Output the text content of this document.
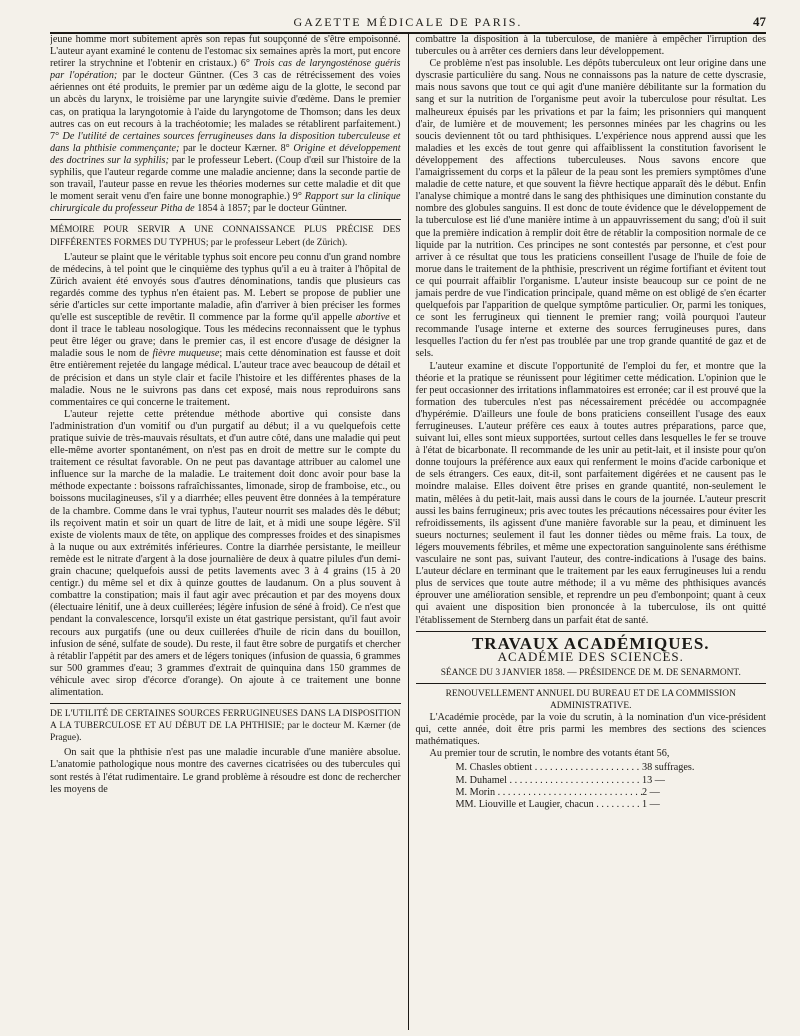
GAZETTE MÉDICALE DE PARIS.	47

jeune homme mort subitement après son repas fut soupçonné de s'être empoisonné. L'auteur ayant examiné le contenu de l'estomac six semaines après la mort, put encore retirer la strychnine et l'obtenir en cristaux.) 6° Trois cas de laryngosténose guéris par l'opération; par le docteur Güntner. (Ces 3 cas de rétrécissement des voies aériennes ont été produits, le premier par un œdème aigu de la glotte, le second par un abcès du larynx, le troisième par une laryngite suivie d'œdème. Dans le premier cas, on pratiqua la laryngotomie à l'aide du laryngotome de Thomson; dans les deux autres cas on eut recours à la trachéotomie; les malades se rétablirent parfaitement.) 7° De l'utilité de certaines sources ferrugineuses dans la disposition tuberculeuse et dans la phthisie commençante; par le docteur Kærner. 8° Origine et développement des doctrines sur la syphilis; par le professeur Lebert. (Coup d'œil sur l'histoire de la syphilis, que l'auteur regarde comme une maladie ancienne; dans la seconde partie de son travail, l'auteur passe en revue les théories modernes sur cette maladie et dit que le moment serait venu d'en faire une bonne monographie.) 9° Rapport sur la clinique chirurgicale du professeur Pitha de 1854 à 1857; par le docteur Güntner.

MÉMOIRE POUR SERVIR A UNE CONNAISSANCE PLUS PRÉCISE DES DIFFÉRENTES FORMES DU TYPHUS; par le professeur Lebert (de Zürich).

L'auteur se plaint que le véritable typhus soit encore peu connu d'un grand nombre de médecins, à tel point que le cinquième des typhus qu'il a eu à traiter à l'hôpital de Zürich avaient été envoyés sous d'autres dénominations, tandis que plusieurs cas regardés comme des typhus n'en étaient pas. M. Lebert se propose de publier une série d'articles sur cette importante maladie, afin d'arriver à bien préciser les formes qu'elle est susceptible de revêtir. Il commence par la forme qu'il appelle abortive et dont il trace le tableau nosologique. Tous les médecins reconnaissent que le typhus peut être léger ou grave; dans le premier cas, il est encore d'usage de désigner la maladie sous le nom de fièvre muqueuse; mais cette dénomination est fausse et doit être entièrement rejetée du langage médical. L'auteur trace avec beaucoup de détail et de précision et dans un style clair et facile l'histoire et les différentes phases de la maladie. Nous ne le suivrons pas dans cet exposé, mais nous reproduirons sans commentaires ce qui concerne le traitement.

L'auteur rejette cette prétendue méthode abortive qui consiste dans l'administration d'un vomitif ou d'un purgatif au début; il a vu quelquefois cette pratique suivie de très-mauvais résultats, et d'un autre côté, dans une maladie qui peut elle-même avorter spontanément, on n'est pas en droit de mettre sur le compte du traitement ce résultat favorable. On ne peut pas davantage attribuer au calomel une influence sur la marche de la maladie. Le traitement doit donc avoir pour base la méthode expectante : boissons rafraîchissantes, limonade, sirop de framboise, etc., ou boissons mucilagineuses, s'il y a diarrhée; elles peuvent être données à la température de la chambre. Comme dans le vrai typhus, l'auteur nourrit ses malades dès le début; ils reçoivent matin et soir un quart de litre de lait, et à midi une soupe légère. S'il existe de violents maux de tête, on applique des compresses froides et des sinapismes à la nuque ou aux extrémités inférieures. Contre la diarrhée persistante, le meilleur remède est le nitrate d'argent à la dose journalière de deux à quatre pilules d'un demi-grain chacune; quelquefois aussi de petits lavements avec 3 à 4 grains (15 à 20 centigr.) du même sel et dix à quinze gouttes de laudanum. On a plus souvent à combattre la constipation; mais il faut agir avec précaution et par des moyens doux (électuaire lénitif, une à deux cuillerées; légère infusion de séné à froid). Ce n'est que pendant la convalescence, lorsqu'il existe un état gastrique persistant, qu'il faut avoir recours aux purgatifs (une ou deux cuillerées d'huile de ricin dans du bouillon, infusion de séné, sulfate de soude). Du reste, il faut être sobre de purgatifs et chercher à rétablir l'appétit par des amers et de légers toniques (infusion de quassia, 6 grammes sur 500 grammes d'eau; 3 grammes d'extrait de quinquina dans 150 grammes de véhicule avec sirop d'écorce d'orange). On ajoute à ce traitement une bonne alimentation.

DE L'UTILITÉ DE CERTAINES SOURCES FERRUGINEUSES DANS LA DISPOSITION A LA TUBERCULOSE ET AU DÉBUT DE LA PHTHISIE; par le docteur M. Kærner (de Prague).

On sait que la phthisie n'est pas une maladie incurable d'une manière absolue. L'anatomie pathologique nous montre des cavernes cicatrisées ou des tubercules qui sont restés à l'état rudimentaire. Le grand problème à résoudre est donc de rechercher les moyens de

combattre la disposition à la tuberculose, de manière à empêcher l'irruption des tubercules ou à arrêter ces derniers dans leur développement.

Ce problème n'est pas insoluble. Les dépôts tuberculeux ont leur origine dans une dyscrasie particulière du sang. Nous ne connaissons pas la nature de cette dyscrasie, mais nous savons que tout ce qui agit d'une manière débilitante sur la formation du sang et sur la nutrition de l'organisme peut avoir la tuberculose pour résultat. Les malheureux épuisés par les privations et par la faim; les prisonniers qui manquent d'air, de lumière et de mouvement; les personnes minées par les chagrins ou les soucis deviennent tôt ou tard phthisiques. L'expérience nous apprend aussi que les maladies et les excès de tout genre qui affaiblissent la constitution favorisent le développement des affections tuberculeuses. Nous savons encore que l'amaigrissement du corps et la pâleur de la peau sont les premiers symptômes d'une maladie de cette nature, et que souvent la fièvre hectique apparaît dès le début. Enfin l'analyse chimique a montré dans le sang des phthisiques une diminution constante du nombre des globules sanguins. Il est donc de toute évidence que le développement de la tuberculose est lié d'une manière intime à un appauvrissement du sang; d'où il suit que la première indication à remplir doit être de rétablir la composition normale de ce liquide par la nutrition. Ces principes ne sont contestés par personne, et c'est pour arriver à ce résultat que tous les praticiens conseillent l'usage de l'huile de foie de morue dans le traitement de la phthisie, prescrivent un régime fortifiant et évitent tout ce qui pourrait affaiblir l'organisme. L'auteur insiste beaucoup sur ce point de ne jamais perdre de vue l'indication principale, quand même on est obligé de s'en écarter quelquefois par l'apparition de quelque symptôme particulier. Or, parmi les toniques, ce sont les ferrugineux qui tiennent le premier rang; voilà pourquoi l'auteur recommande l'usage interne et externe des sources ferrugineuses pures, dans lesquelles l'action du fer n'est pas troublée par une trop grande quantité de gaz et de sels.

L'auteur examine et discute l'opportunité de l'emploi du fer, et montre que la théorie et la pratique se réunissent pour légitimer cette médication. L'opinion que le fer peut occasionner des irritations inflammatoires est erronée; car il est prouvé que la formation des tubercules n'est pas nécessairement précédée ou accompagnée d'hypérémie. D'ailleurs une foule de bons praticiens conseillent l'usage des eaux ferrugineuses. L'auteur préfère ces eaux à toutes autres préparations, parce que, suivant lui, elles sont mieux supportées, surtout celles dans lesquelles le fer se trouve à l'état de bicarbonate. Il recommande de les unir au petit-lait, et il insiste pour qu'on donne toujours la préférence aux eaux qui renferment le moins d'acide carbonique et de sels étrangers. Ces eaux, dit-il, sont parfaitement digérées et ne causent pas le moindre malaise. Elles doivent être prises en grande quantité, non-seulement le matin, mêlées à du petit-lait, mais aussi dans le cours de la journée. L'auteur prescrit aussi les bains ferrugineux; pris avec toutes les précautions nécessaires pour éviter les refroidissements, ils agissent d'une manière favorable sur la peau, et diminuent les sueurs nocturnes; seulement il faut les donner tièdes ou même frais. La toux, de légers mouvements fébriles, et même une expectoration sanguinolente sans éréthisme vasculaire ne sont pas, suivant l'auteur, des contre-indications à l'usage des bains. L'auteur déclare en terminant que le traitement par les eaux ferrugineuses lui a rendu plus de services que toute autre méthode; il a vu même des phthisiques avancés éprouver une amélioration sensible, et reprendre un peu d'embonpoint; quant à ceux qui avaient une disposition bien prononcée à la tuberculose, ils ont quitté l'établissement de Sternberg dans un parfait état de santé.

TRAVAUX ACADÉMIQUES.
ACADÉMIE DES SCIENCES.

SÉANCE DU 3 JANVIER 1858. — PRÉSIDENCE DE M. DE SENARMONT.

RENOUVELLEMENT ANNUEL DU BUREAU ET DE LA COMMISSION ADMINISTRATIVE.

L'Académie procède, par la voie du scrutin, à la nomination d'un vice-président qui, cette année, doit être pris parmi les membres des sections des sciences mathématiques.

Au premier tour de scrutin, le nombre des votants étant 56,

M. Chasles obtient . . .	38 suffrages.
M. Duhamel . . .	13 —
M. Morin . . .	2 —
MM. Liouville et Laugier, chacun . . .	1 —
